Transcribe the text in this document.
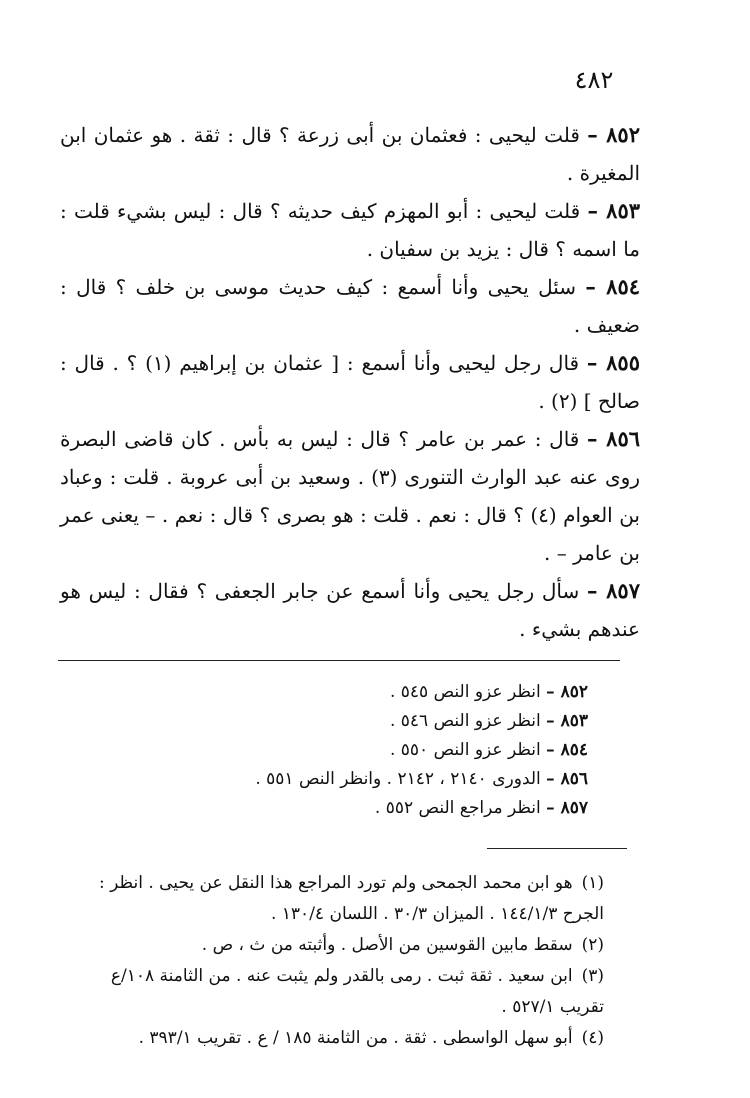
٤٨٢

٨٥٢ – قلت ليحيى : فعثمان بن أبى زرعة ؟ قال : ثقة . هو عثمان ابن المغيرة .

٨٥٣ – قلت ليحيى : أبو المهزم كيف حديثه ؟ قال : ليس بشيء قلت : ما اسمه ؟ قال : يزيد بن سفيان .

٨٥٤ – سئل يحيى وأنا أسمع : كيف حديث موسى بن خلف ؟ قال : ضعيف .

٨٥٥ – قال رجل ليحيى وأنا أسمع : [ عثمان بن إبراهيم (١) ؟ . قال : صالح ] (٢) .

٨٥٦ – قال : عمر بن عامر ؟ قال : ليس به بأس . كان قاضى البصرة روى عنه عبد الوارث التنورى (٣) . وسعيد بن أبى عروبة . قلت : وعباد بن العوام (٤) ؟ قال : نعم . قلت : هو بصرى ؟ قال : نعم . – يعنى عمر بن عامر – .

٨٥٧ – سأل رجل يحيى وأنا أسمع عن جابر الجعفى ؟ فقال : ليس هو عندهم بشيء .

٨٥٢ – انظر عزو النص ٥٤٥ .

٨٥٣ – انظر عزو النص ٥٤٦ .

٨٥٤ – انظر عزو النص ٥٥٠ .

٨٥٦ – الدورى ٢١٤٠ ، ٢١٤٢ . وانظر النص ٥٥١ .

٨٥٧ – انظر مراجع النص ٥٥٢ .

(١) هو ابن محمد الجمحى ولم تورد المراجع هذا النقل عن يحيى . انظر : الجرح ١٤٤/١/٣ . الميزان ٣٠/٣ . اللسان ١٣٠/٤ .

(٢) سقط مابين القوسين من الأصل . وأثبته من ث ، ص .

(٣) ابن سعيد . ثقة ثبت . رمى بالقدر ولم يثبت عنه . من الثامنة ١٠٨/ع تقريب ٥٢٧/١ .

(٤) أبو سهل الواسطى . ثقة . من الثامنة ١٨٥ / ع . تقريب ٣٩٣/١ .
